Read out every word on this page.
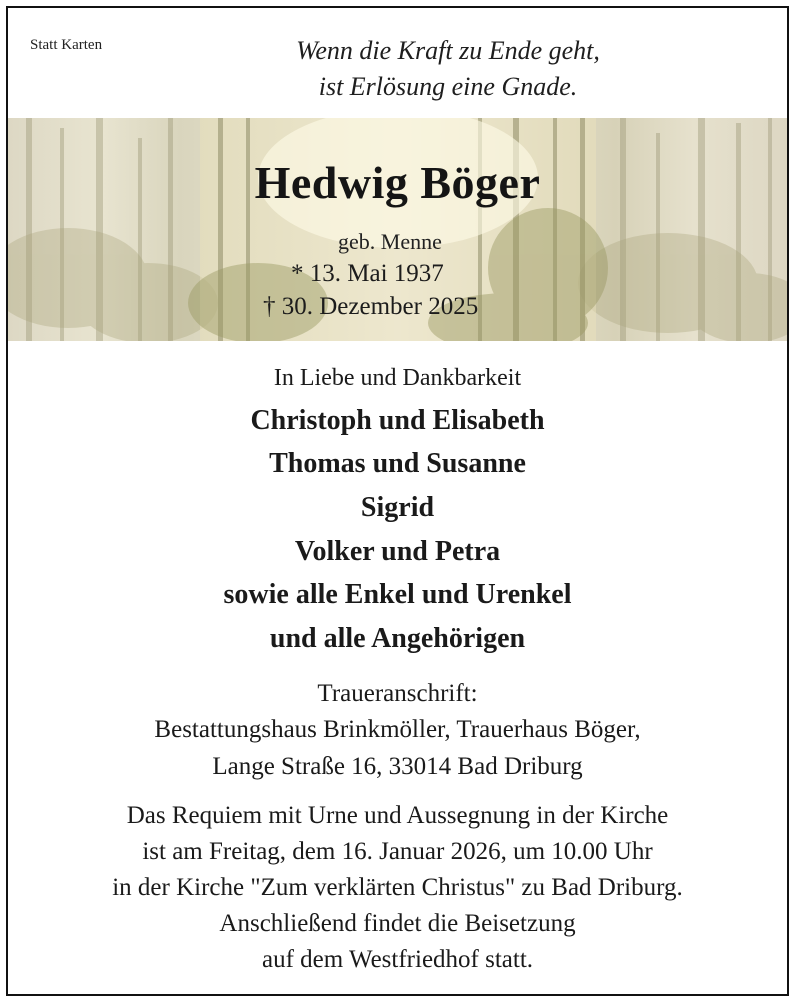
Statt Karten	Wenn die Kraft zu Ende geht,
ist Erlösung eine Gnade.
Hedwig Böger
geb. Menne
* 13. Mai 1937
† 30. Dezember 2025
In Liebe und Dankbarkeit
Christoph und Elisabeth
Thomas und Susanne
Sigrid
Volker und Petra
sowie alle Enkel und Urenkel
und alle Angehörigen
Traueranschrift:
Bestattungshaus Brinkmöller, Trauerhaus Böger,
Lange Straße 16, 33014 Bad Driburg
Das Requiem mit Urne und Aussegnung in der Kirche
ist am Freitag, dem 16. Januar 2026, um 10.00 Uhr
in der Kirche "Zum verklärten Christus" zu Bad Driburg.
Anschließend findet die Beisetzung
auf dem Westfriedhof statt.
